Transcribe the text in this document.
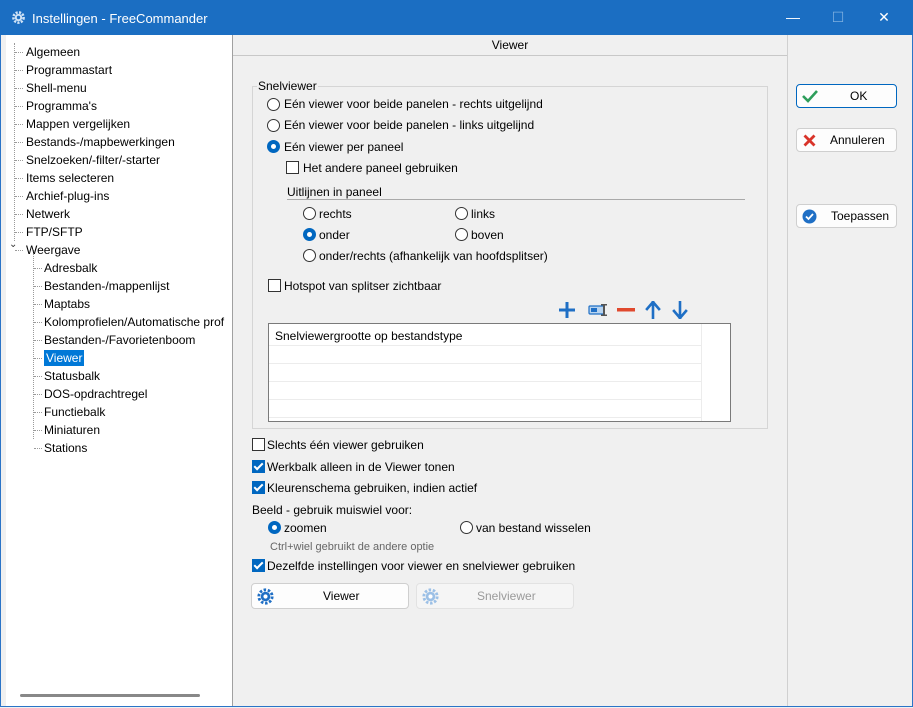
Instellingen - FreeCommander	—	☐	✕
Algemeen
Programmastart
Shell-menu
Programma's
Mappen vergelijken
Bestands-/mapbewerkingen
Snelzoeken/-filter/-starter
Items selecteren
Archief-plug-ins
Netwerk
FTP/SFTP
Weergave
⌄
Adresbalk
Bestanden-/mappenlijst
Maptabs
Kolomprofielen/Automatische prof
Bestanden-/Favorietenboom
Viewer
Statusbalk
DOS-opdrachtregel
Functiebalk
Miniaturen
Stations
Viewer
Snelviewer
Eén viewer voor beide panelen - rechts uitgelijnd
Eén viewer voor beide panelen - links uitgelijnd
Eén viewer per paneel
Het andere paneel gebruiken
Uitlijnen in paneel
rechts	links
onder	boven
onder/rechts (afhankelijk van hoofdsplitser)
Hotspot van splitser zichtbaar
Snelviewergrootte op bestandstype
Slechts één viewer gebruiken
Werkbalk alleen in de Viewer tonen
Kleurenschema gebruiken, indien actief
Beeld - gebruik muiswiel voor:
zoomen	van bestand wisselen
Ctrl+wiel gebruikt de andere optie
Dezelfde instellingen voor viewer en snelviewer gebruiken
Viewer	Snelviewer
OK
Annuleren
Toepassen
